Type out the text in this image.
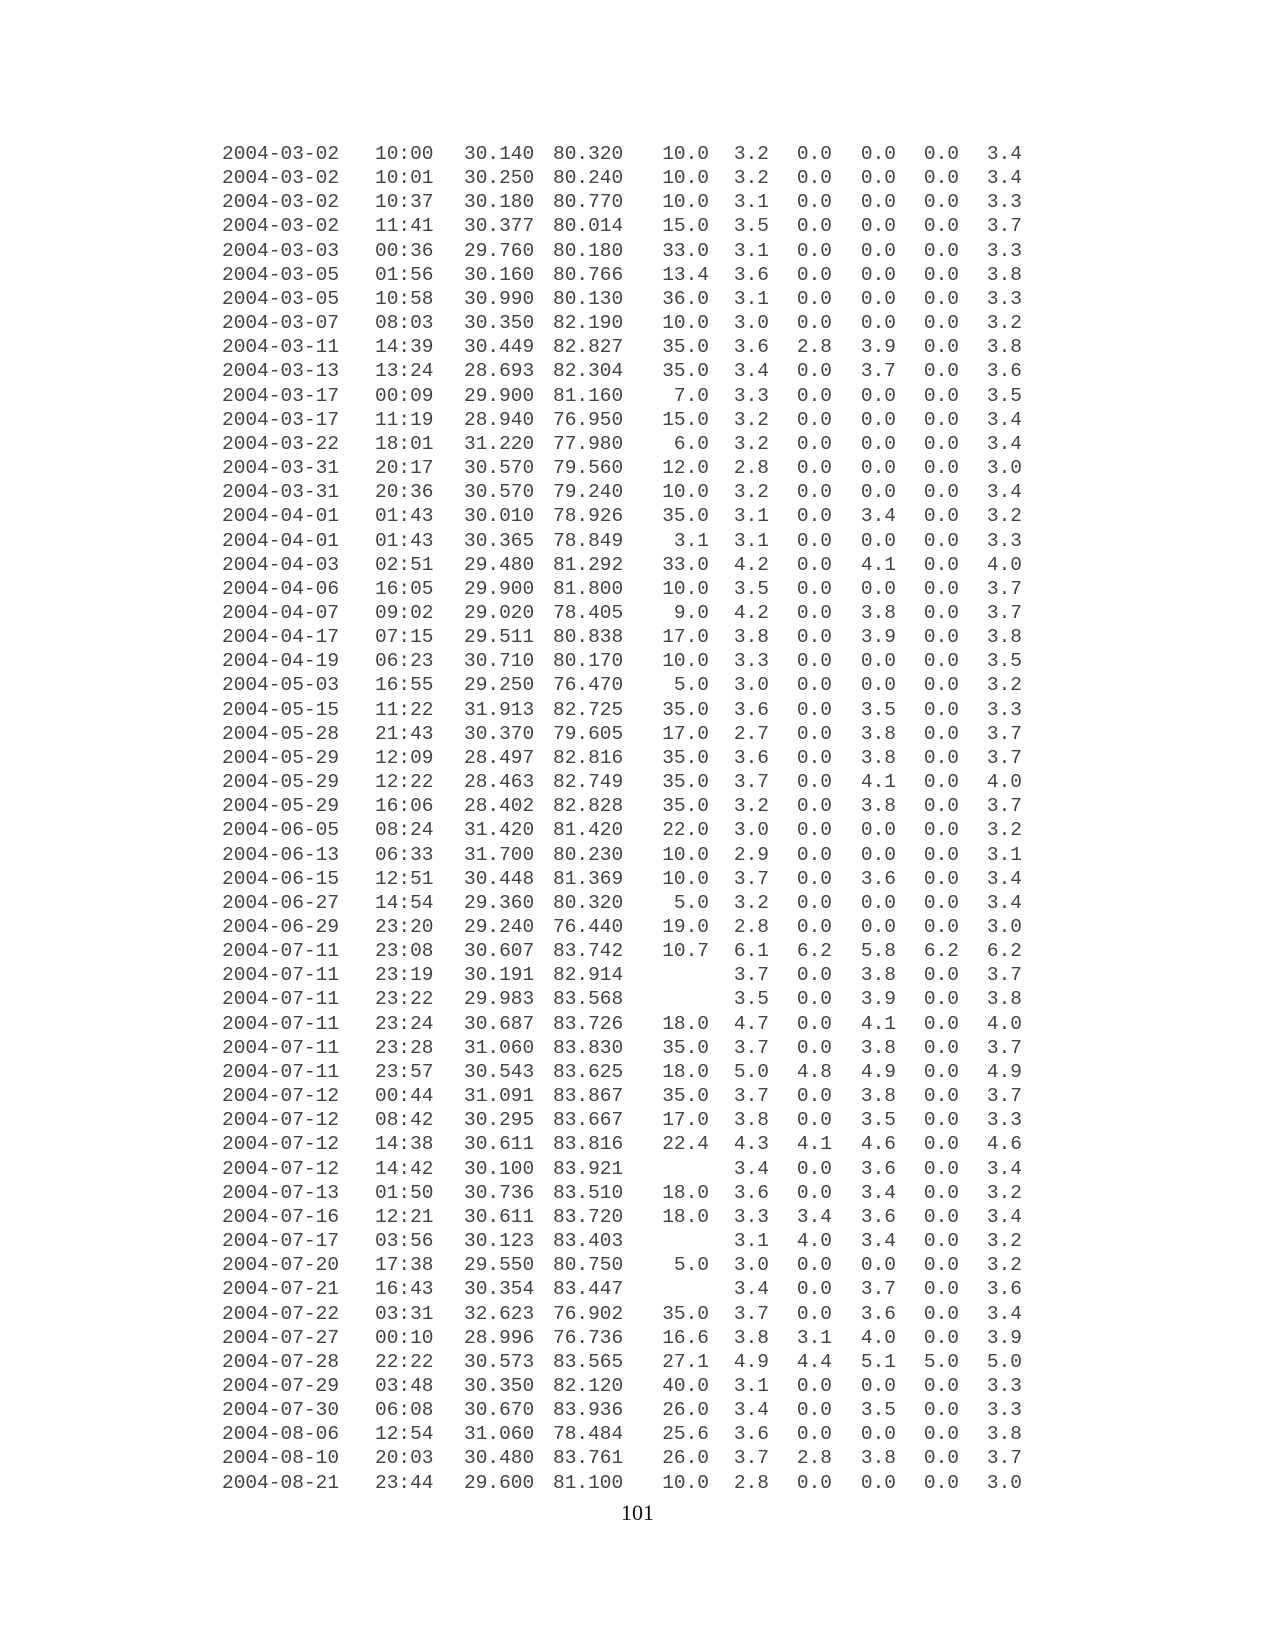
2004-03-02	10:00	30.140	80.320	10.0	3.2	0.0	0.0	0.0	3.4
2004-03-02	10:01	30.250	80.240	10.0	3.2	0.0	0.0	0.0	3.4
2004-03-02	10:37	30.180	80.770	10.0	3.1	0.0	0.0	0.0	3.3
2004-03-02	11:41	30.377	80.014	15.0	3.5	0.0	0.0	0.0	3.7
2004-03-03	00:36	29.760	80.180	33.0	3.1	0.0	0.0	0.0	3.3
2004-03-05	01:56	30.160	80.766	13.4	3.6	0.0	0.0	0.0	3.8
2004-03-05	10:58	30.990	80.130	36.0	3.1	0.0	0.0	0.0	3.3
2004-03-07	08:03	30.350	82.190	10.0	3.0	0.0	0.0	0.0	3.2
2004-03-11	14:39	30.449	82.827	35.0	3.6	2.8	3.9	0.0	3.8
2004-03-13	13:24	28.693	82.304	35.0	3.4	0.0	3.7	0.0	3.6
2004-03-17	00:09	29.900	81.160	7.0	3.3	0.0	0.0	0.0	3.5
2004-03-17	11:19	28.940	76.950	15.0	3.2	0.0	0.0	0.0	3.4
2004-03-22	18:01	31.220	77.980	6.0	3.2	0.0	0.0	0.0	3.4
2004-03-31	20:17	30.570	79.560	12.0	2.8	0.0	0.0	0.0	3.0
2004-03-31	20:36	30.570	79.240	10.0	3.2	0.0	0.0	0.0	3.4
2004-04-01	01:43	30.010	78.926	35.0	3.1	0.0	3.4	0.0	3.2
2004-04-01	01:43	30.365	78.849	3.1	3.1	0.0	0.0	0.0	3.3
2004-04-03	02:51	29.480	81.292	33.0	4.2	0.0	4.1	0.0	4.0
2004-04-06	16:05	29.900	81.800	10.0	3.5	0.0	0.0	0.0	3.7
2004-04-07	09:02	29.020	78.405	9.0	4.2	0.0	3.8	0.0	3.7
2004-04-17	07:15	29.511	80.838	17.0	3.8	0.0	3.9	0.0	3.8
2004-04-19	06:23	30.710	80.170	10.0	3.3	0.0	0.0	0.0	3.5
2004-05-03	16:55	29.250	76.470	5.0	3.0	0.0	0.0	0.0	3.2
2004-05-15	11:22	31.913	82.725	35.0	3.6	0.0	3.5	0.0	3.3
2004-05-28	21:43	30.370	79.605	17.0	2.7	0.0	3.8	0.0	3.7
2004-05-29	12:09	28.497	82.816	35.0	3.6	0.0	3.8	0.0	3.7
2004-05-29	12:22	28.463	82.749	35.0	3.7	0.0	4.1	0.0	4.0
2004-05-29	16:06	28.402	82.828	35.0	3.2	0.0	3.8	0.0	3.7
2004-06-05	08:24	31.420	81.420	22.0	3.0	0.0	0.0	0.0	3.2
2004-06-13	06:33	31.700	80.230	10.0	2.9	0.0	0.0	0.0	3.1
2004-06-15	12:51	30.448	81.369	10.0	3.7	0.0	3.6	0.0	3.4
2004-06-27	14:54	29.360	80.320	5.0	3.2	0.0	0.0	0.0	3.4
2004-06-29	23:20	29.240	76.440	19.0	2.8	0.0	0.0	0.0	3.0
2004-07-11	23:08	30.607	83.742	10.7	6.1	6.2	5.8	6.2	6.2
2004-07-11	23:19	30.191	82.914		3.7	0.0	3.8	0.0	3.7
2004-07-11	23:22	29.983	83.568		3.5	0.0	3.9	0.0	3.8
2004-07-11	23:24	30.687	83.726	18.0	4.7	0.0	4.1	0.0	4.0
2004-07-11	23:28	31.060	83.830	35.0	3.7	0.0	3.8	0.0	3.7
2004-07-11	23:57	30.543	83.625	18.0	5.0	4.8	4.9	0.0	4.9
2004-07-12	00:44	31.091	83.867	35.0	3.7	0.0	3.8	0.0	3.7
2004-07-12	08:42	30.295	83.667	17.0	3.8	0.0	3.5	0.0	3.3
2004-07-12	14:38	30.611	83.816	22.4	4.3	4.1	4.6	0.0	4.6
2004-07-12	14:42	30.100	83.921		3.4	0.0	3.6	0.0	3.4
2004-07-13	01:50	30.736	83.510	18.0	3.6	0.0	3.4	0.0	3.2
2004-07-16	12:21	30.611	83.720	18.0	3.3	3.4	3.6	0.0	3.4
2004-07-17	03:56	30.123	83.403		3.1	4.0	3.4	0.0	3.2
2004-07-20	17:38	29.550	80.750	5.0	3.0	0.0	0.0	0.0	3.2
2004-07-21	16:43	30.354	83.447		3.4	0.0	3.7	0.0	3.6
2004-07-22	03:31	32.623	76.902	35.0	3.7	0.0	3.6	0.0	3.4
2004-07-27	00:10	28.996	76.736	16.6	3.8	3.1	4.0	0.0	3.9
2004-07-28	22:22	30.573	83.565	27.1	4.9	4.4	5.1	5.0	5.0
2004-07-29	03:48	30.350	82.120	40.0	3.1	0.0	0.0	0.0	3.3
2004-07-30	06:08	30.670	83.936	26.0	3.4	0.0	3.5	0.0	3.3
2004-08-06	12:54	31.060	78.484	25.6	3.6	0.0	0.0	0.0	3.8
2004-08-10	20:03	30.480	83.761	26.0	3.7	2.8	3.8	0.0	3.7
2004-08-21	23:44	29.600	81.100	10.0	2.8	0.0	0.0	0.0	3.0
101
